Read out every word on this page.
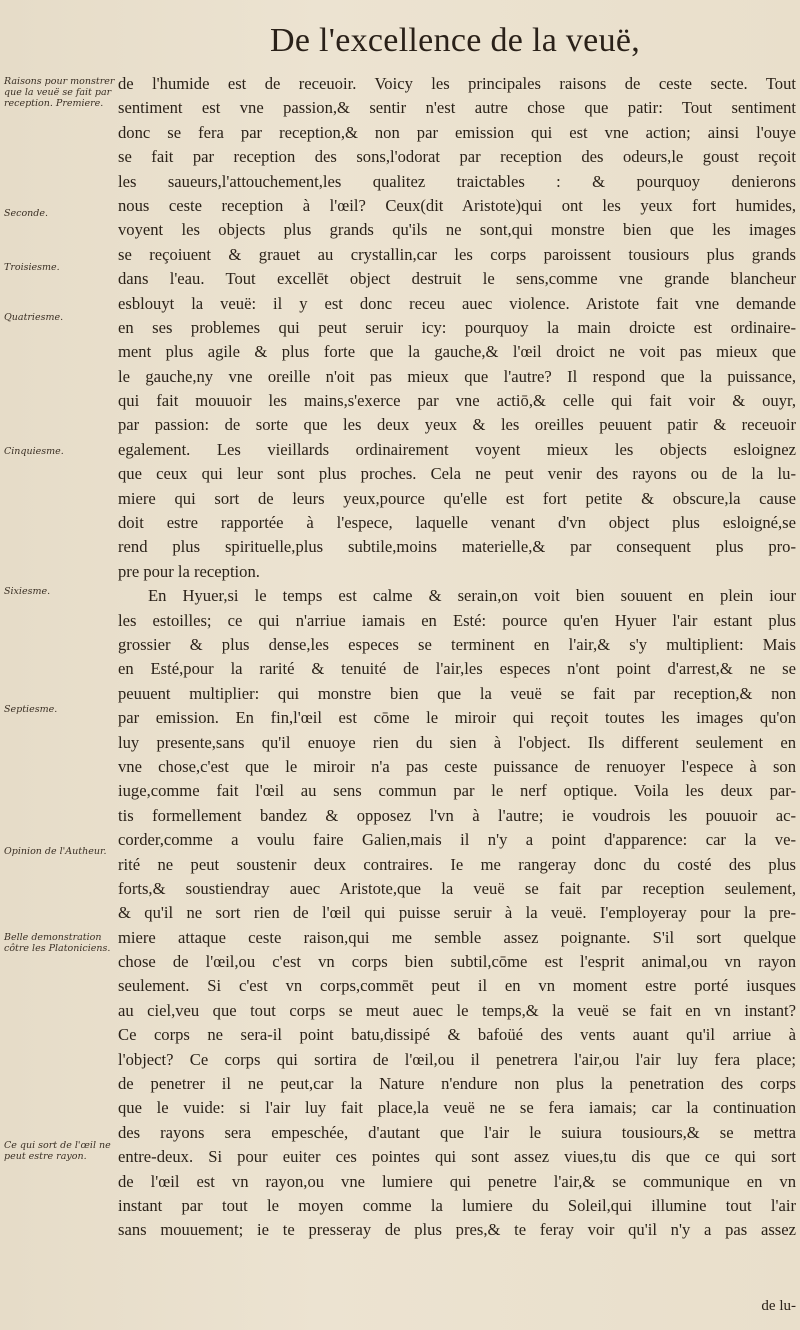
De l'excellence de la veuë,
Raisons pour monstrer que la veuë se fait par reception. Premiere.
Seconde.
Troisiesme.
Quatriesme.
Cinquiesme.
Sixiesme.
Septiesme.
Opinion de l'Autheur.
Belle demonstration côtre les Platoniciens.
Ce qui sort de l'œil ne peut estre rayon.
de l'humide est de receuoir. Voicy les principales raisons de ceste secte. Tout
sentiment est vne passion,& sentir n'est autre chose que patir: Tout sentiment
donc se fera par reception,& non par emission qui est vne action; ainsi l'ouye
se fait par reception des sons,l'odorat par reception des odeurs,le goust reçoit
les saueurs,l'attouchement,les qualitez traictables : & pourquoy denierons
nous ceste reception à l'œil? Ceux(dit Aristote)qui ont les yeux fort humides,
voyent les objects plus grands qu'ils ne sont,qui monstre bien que les images
se reçoiuent & grauet au crystallin,car les corps paroissent tousiours plus grands
dans l'eau. Tout excellēt object destruit le sens,comme vne grande blancheur
esblouyt la veuë: il y est donc receu auec violence. Aristote fait vne demande
en ses problemes qui peut seruir icy: pourquoy la main droicte est ordinaire-
ment plus agile & plus forte que la gauche,& l'œil droict ne voit pas mieux que
le gauche,ny vne oreille n'oit pas mieux que l'autre? Il respond que la puissance,
qui fait mouuoir les mains,s'exerce par vne actiō,& celle qui fait voir & ouyr,
par passion: de sorte que les deux yeux & les oreilles peuuent patir & receuoir
egalement. Les vieillards ordinairement voyent mieux les objects esloignez
que ceux qui leur sont plus proches. Cela ne peut venir des rayons ou de la lu-
miere qui sort de leurs yeux,pource qu'elle est fort petite & obscure,la cause
doit estre rapportée à l'espece, laquelle venant d'vn object plus esloigné,se
rend plus spirituelle,plus subtile,moins materielle,& par consequent plus pro-
pre pour la reception.
En Hyuer,si le temps est calme & serain,on voit bien souuent en plein iour
les estoilles; ce qui n'arriue iamais en Esté: pource qu'en Hyuer l'air estant plus
grossier & plus dense,les especes se terminent en l'air,& s'y multiplient: Mais
en Esté,pour la rarité & tenuité de l'air,les especes n'ont point d'arrest,& ne se
peuuent multiplier: qui monstre bien que la veuë se fait par reception,& non
par emission. En fin,l'œil est cōme le miroir qui reçoit toutes les images qu'on
luy presente,sans qu'il enuoye rien du sien à l'object. Ils different seulement en
vne chose,c'est que le miroir n'a pas ceste puissance de renuoyer l'espece à son
iuge,comme fait l'œil au sens commun par le nerf optique. Voila les deux par-
tis formellement bandez & opposez l'vn à l'autre; ie voudrois les pouuoir ac-
corder,comme a voulu faire Galien,mais il n'y a point d'apparence: car la ve-
rité ne peut soustenir deux contraires. Ie me rangeray donc du costé des plus
forts,& soustiendray auec Aristote,que la veuë se fait par reception seulement,
& qu'il ne sort rien de l'œil qui puisse seruir à la veuë. I'employeray pour la pre-
miere attaque ceste raison,qui me semble assez poignante. S'il sort quelque
chose de l'œil,ou c'est vn corps bien subtil,cōme est l'esprit animal,ou vn rayon
seulement. Si c'est vn corps,commēt peut il en vn moment estre porté iusques
au ciel,veu que tout corps se meut auec le temps,& la veuë se fait en vn instant?
Ce corps ne sera-il point batu,dissipé & bafoüé des vents auant qu'il arriue à
l'object? Ce corps qui sortira de l'œil,ou il penetrera l'air,ou l'air luy fera place;
de penetrer il ne peut,car la Nature n'endure non plus la penetration des corps
que le vuide: si l'air luy fait place,la veuë ne se fera iamais; car la continuation
des rayons sera empeschée, d'autant que l'air le suiura tousiours,& se mettra
entre-deux. Si pour euiter ces pointes qui sont assez viues,tu dis que ce qui sort
de l'œil est vn rayon,ou vne lumiere qui penetre l'air,& se communique en vn
instant par tout le moyen comme la lumiere du Soleil,qui illumine tout l'air
sans mouuement; ie te presseray de plus pres,& te feray voir qu'il n'y a pas assez
de lu-
